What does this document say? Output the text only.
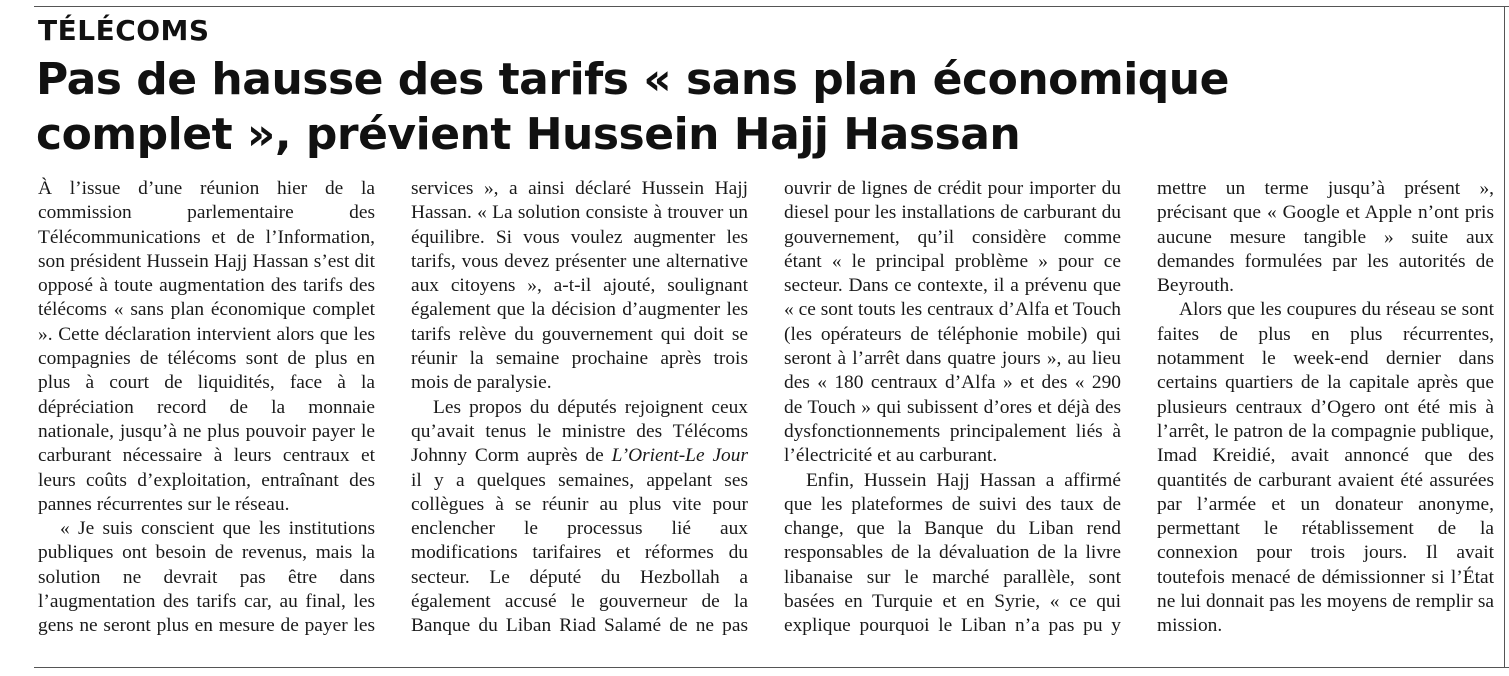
TÉLÉCOMS
Pas de hausse des tarifs « sans plan économique complet », prévient Hussein Hajj Hassan

À l’issue d’une réunion hier de la commission parlementaire des Télécommunications et de l’Information, son président Hussein Hajj Hassan s’est dit opposé à toute augmentation des tarifs des télécoms « sans plan économique complet ». Cette déclaration intervient alors que les compagnies de télécoms sont de plus en plus à court de liquidités, face à la dépréciation record de la monnaie nationale, jusqu’à ne plus pouvoir payer le carburant nécessaire à leurs centraux et leurs coûts d’exploitation, entraînant des pannes récurrentes sur le réseau.

« Je suis conscient que les institutions publiques ont besoin de revenus, mais la solution ne devrait pas être dans l’augmentation des tarifs car, au final, les gens ne seront plus en mesure de payer les services », a ainsi déclaré Hussein Hajj Hassan. « La solution consiste à trouver un équilibre. Si vous voulez augmenter les tarifs, vous devez présenter une alternative aux citoyens », a-t-il ajouté, soulignant également que la décision d’augmenter les tarifs relève du gouvernement qui doit se réunir la semaine prochaine après trois mois de paralysie.

Les propos du députés rejoignent ceux qu’avait tenus le ministre des Télécoms Johnny Corm auprès de L’Orient-Le Jour il y a quelques semaines, appelant ses collègues à se réunir au plus vite pour enclencher le processus lié aux modifications tarifaires et réformes du secteur. Le député du Hezbollah a également accusé le gouverneur de la Banque du Liban Riad Salamé de ne pas ouvrir de lignes de crédit pour importer du diesel pour les installations de carburant du gouvernement, qu’il considère comme étant « le principal problème » pour ce secteur. Dans ce contexte, il a prévenu que « ce sont touts les centraux d’Alfa et Touch (les opérateurs de téléphonie mobile) qui seront à l’arrêt dans quatre jours », au lieu des « 180 centraux d’Alfa » et des « 290 de Touch » qui subissent d’ores et déjà des dysfonctionnements principalement liés à l’électricité et au carburant.

Enfin, Hussein Hajj Hassan a affirmé que les plateformes de suivi des taux de change, que la Banque du Liban rend responsables de la dévaluation de la livre libanaise sur le marché parallèle, sont basées en Turquie et en Syrie, « ce qui explique pourquoi le Liban n’a pas pu y mettre un terme jusqu’à présent », précisant que « Google et Apple n’ont pris aucune mesure tangible » suite aux demandes formulées par les autorités de Beyrouth.

Alors que les coupures du réseau se sont faites de plus en plus récurrentes, notamment le week-end dernier dans certains quartiers de la capitale après que plusieurs centraux d’Ogero ont été mis à l’arrêt, le patron de la compagnie publique, Imad Kreidié, avait annoncé que des quantités de carburant avaient été assurées par l’armée et un donateur anonyme, permettant le rétablissement de la connexion pour trois jours. Il avait toutefois menacé de démissionner si l’État ne lui donnait pas les moyens de remplir sa mission.
